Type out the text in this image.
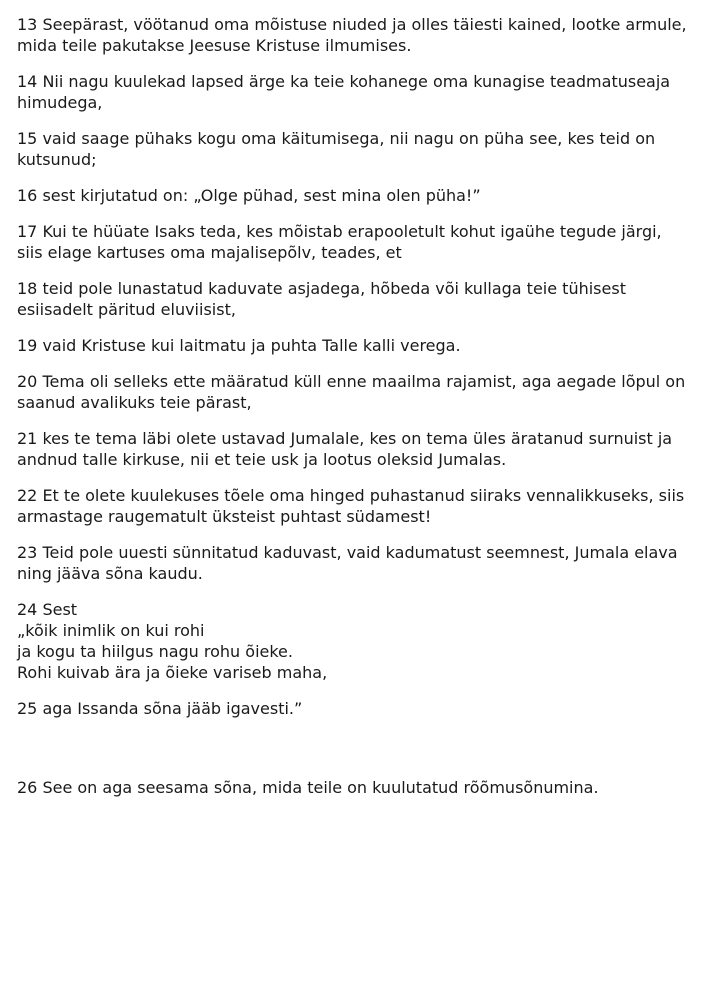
13 Seepärast, vöötanud oma mõistuse niuded ja olles täiesti kained, lootke armule,
mida teile pakutakse Jeesuse Kristuse ilmumises.

14 Nii nagu kuulekad lapsed ärge ka teie kohanege oma kunagise teadmatuseaja
himudega,

15 vaid saage pühaks kogu oma käitumisega, nii nagu on püha see, kes teid on
kutsunud;

16 sest kirjutatud on: „Olge pühad, sest mina olen püha!”

17 Kui te hüüate Isaks teda, kes mõistab erapooletult kohut igaühe tegude järgi,
siis elage kartuses oma majalisepõlv, teades, et

18 teid pole lunastatud kaduvate asjadega, hõbeda või kullaga teie tühisest
esiisadelt päritud eluviisist,

19 vaid Kristuse kui laitmatu ja puhta Talle kalli verega.

20 Tema oli selleks ette määratud küll enne maailma rajamist, aga aegade lõpul on
saanud avalikuks teie pärast,

21 kes te tema läbi olete ustavad Jumalale, kes on tema üles äratanud surnuist ja
andnud talle kirkuse, nii et teie usk ja lootus oleksid Jumalas.

22 Et te olete kuulekuses tõele oma hinged puhastanud siiraks vennalikkuseks, siis
armastage raugematult üksteist puhtast südamest!

23 Teid pole uuesti sünnitatud kaduvast, vaid kadumatust seemnest, Jumala elava
ning jääva sõna kaudu.

24 Sest
„kõik inimlik on kui rohi
ja kogu ta hiilgus nagu rohu õieke.
Rohi kuivab ära ja õieke variseb maha,

25 aga Issanda sõna jääb igavesti.”

26 See on aga seesama sõna, mida teile on kuulutatud rõõmusõnumina.
